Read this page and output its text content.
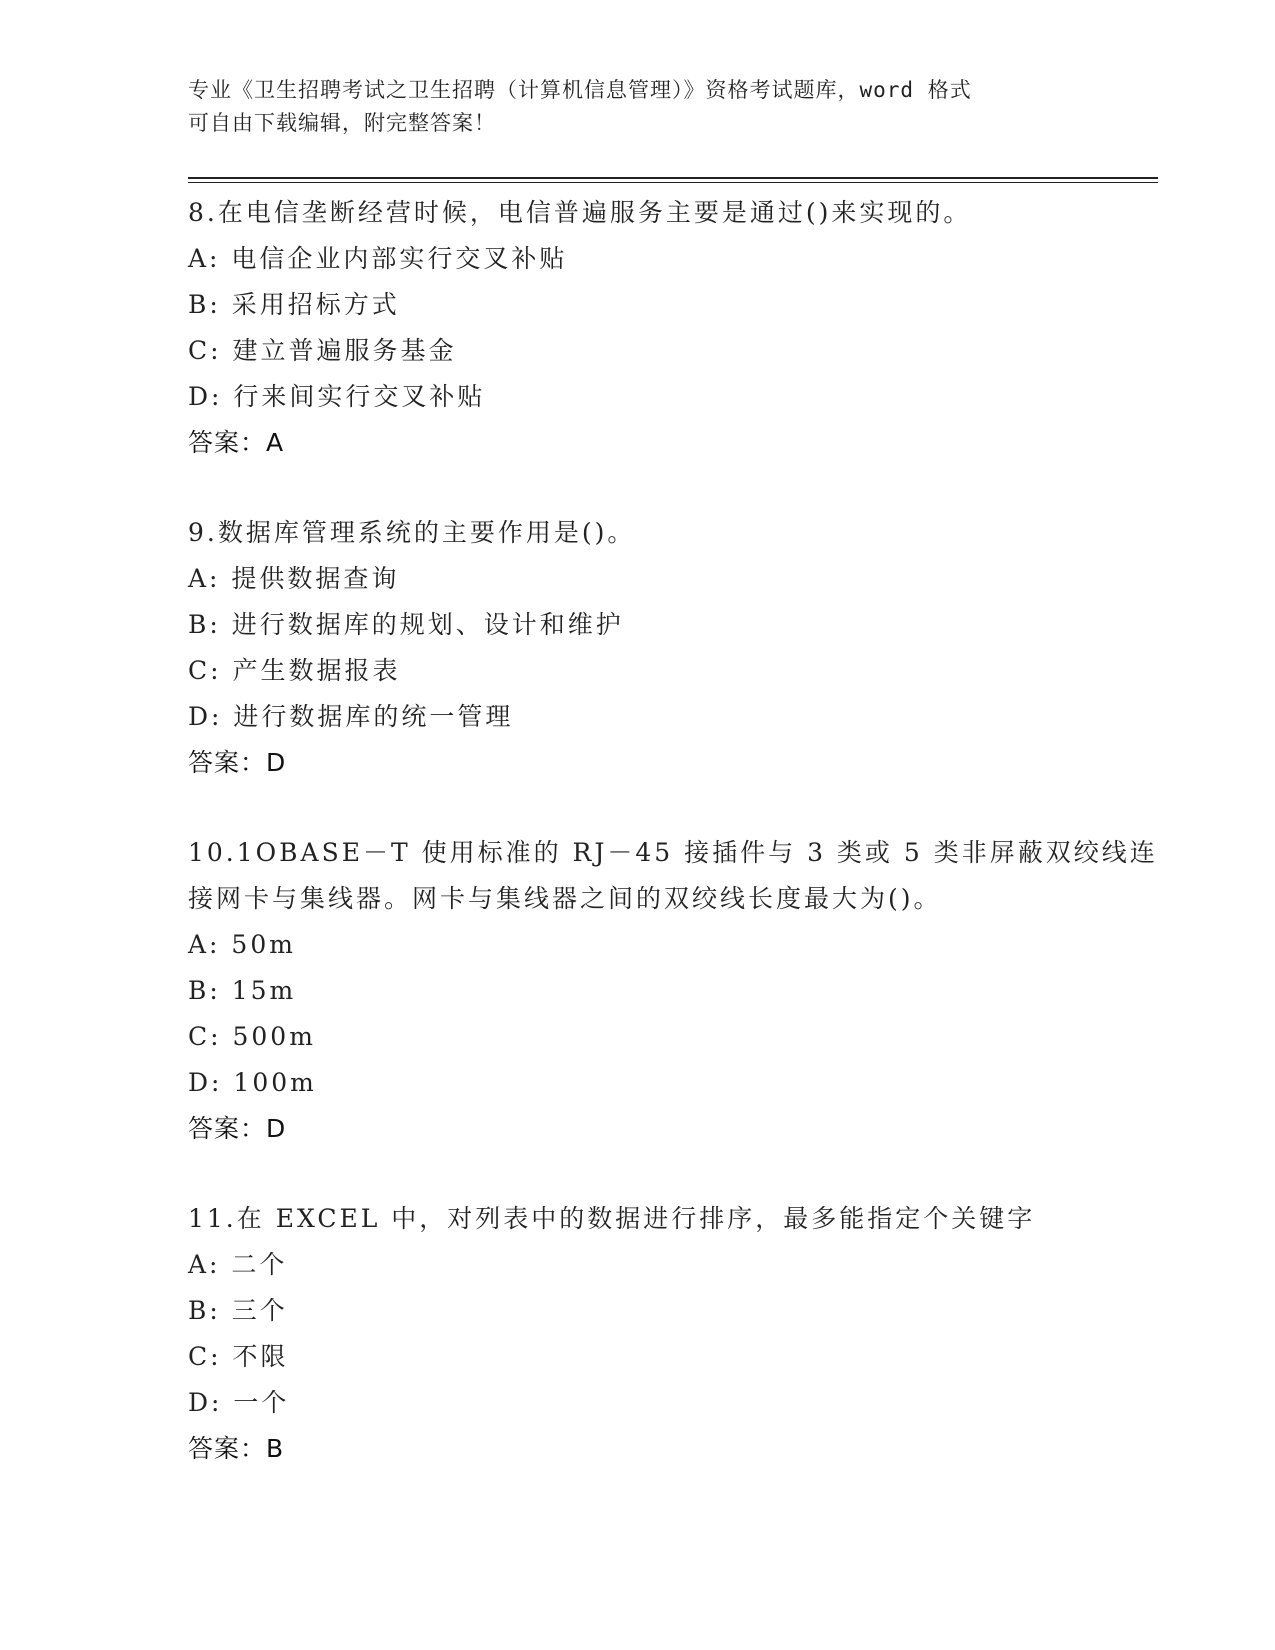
专业《卫生招聘考试之卫生招聘（计算机信息管理）》资格考试题库，word 格式
可自由下载编辑，附完整答案！
8.在电信垄断经营时候，电信普遍服务主要是通过()来实现的。
A: 电信企业内部实行交叉补贴
B: 采用招标方式
C: 建立普遍服务基金
D: 行来间实行交叉补贴
答案：A
9.数据库管理系统的主要作用是()。
A: 提供数据查询
B: 进行数据库的规划、设计和维护
C: 产生数据报表
D: 进行数据库的统一管理
答案：D
10.1OBASE－T 使用标准的 RJ－45 接插件与 3 类或 5 类非屏蔽双绞线连
接网卡与集线器。网卡与集线器之间的双绞线长度最大为()。
A: 50m
B: 15m
C: 500m
D: 100m
答案：D
11.在 EXCEL 中，对列表中的数据进行排序，最多能指定个关键字
A: 二个
B: 三个
C: 不限
D: 一个
答案：B
